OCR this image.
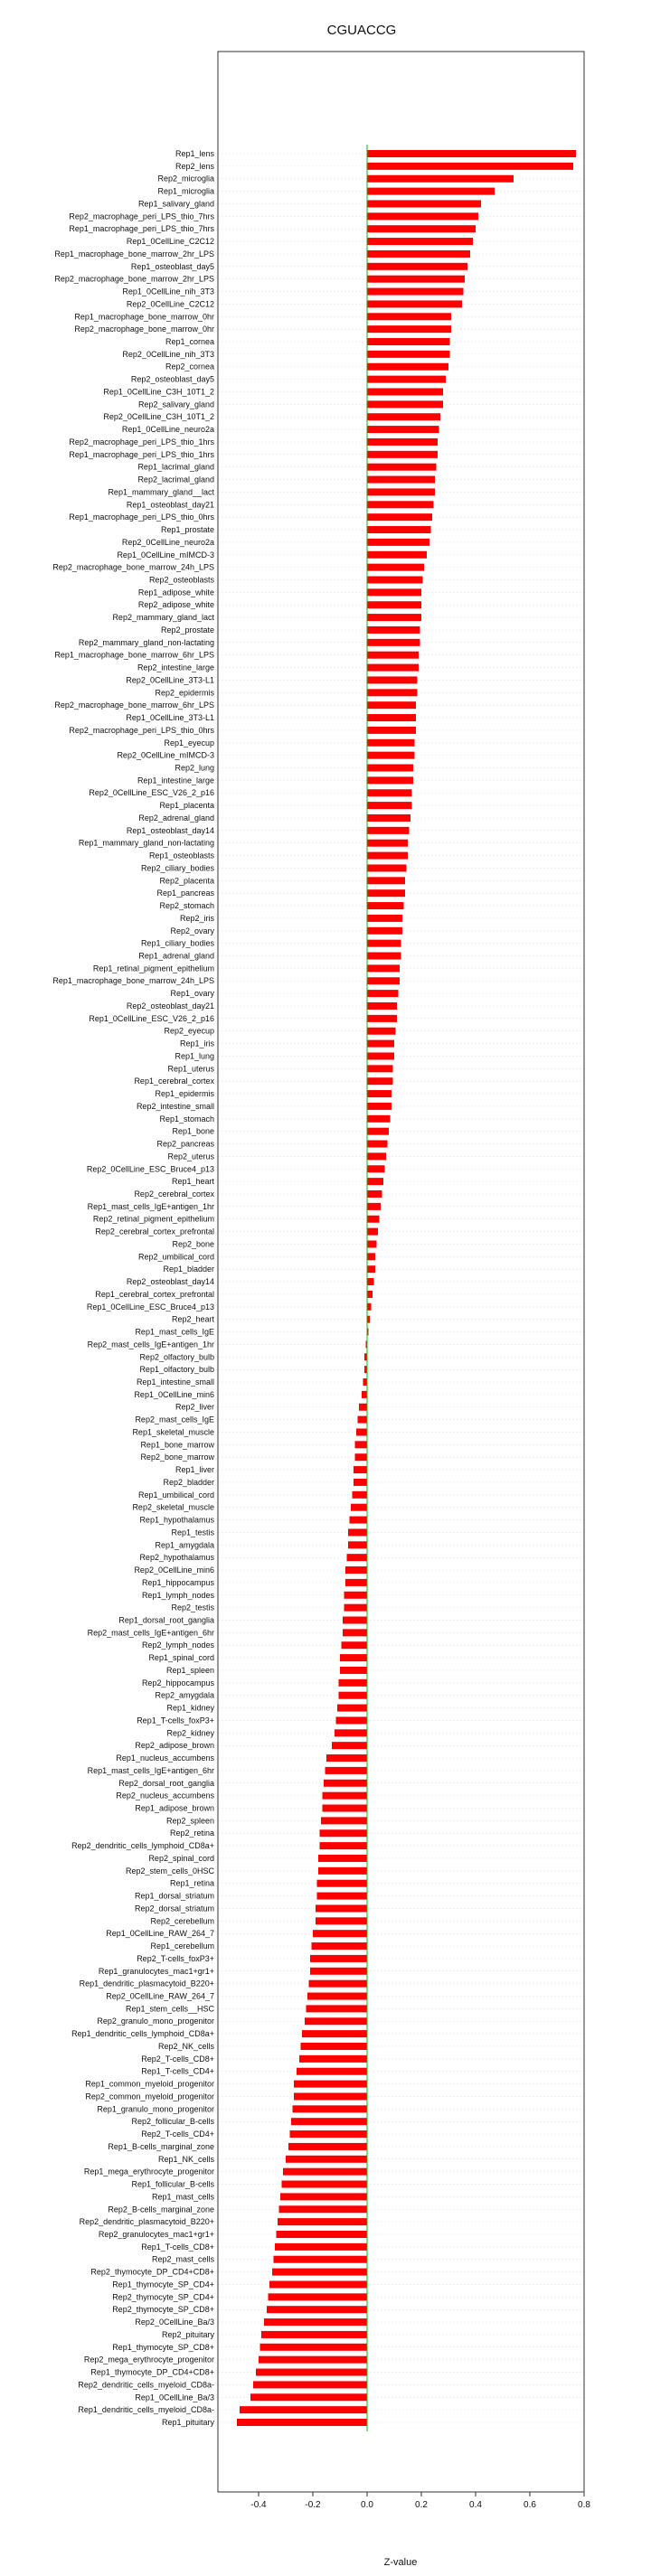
CGUACCG
Rep1_lens
Rep2_lens
Rep2_microglia
Rep1_microglia
Rep1_salivary_gland
Rep2_macrophage_peri_LPS_thio_7hrs
Rep1_macrophage_peri_LPS_thio_7hrs
Rep1_0CellLine_C2C12
Rep1_macrophage_bone_marrow_2hr_LPS
Rep1_osteoblast_day5
Rep2_macrophage_bone_marrow_2hr_LPS
Rep1_0CellLine_nih_3T3
Rep2_0CellLine_C2C12
Rep1_macrophage_bone_marrow_0hr
Rep2_macrophage_bone_marrow_0hr
Rep1_cornea
Rep2_0CellLine_nih_3T3
Rep2_cornea
Rep2_osteoblast_day5
Rep1_0CellLine_C3H_10T1_2
Rep2_salivary_gland
Rep2_0CellLine_C3H_10T1_2
Rep1_0CellLine_neuro2a
Rep2_macrophage_peri_LPS_thio_1hrs
Rep1_macrophage_peri_LPS_thio_1hrs
Rep1_lacrimal_gland
Rep2_lacrimal_gland
Rep1_mammary_gland__lact
Rep1_osteoblast_day21
Rep1_macrophage_peri_LPS_thio_0hrs
Rep1_prostate
Rep2_0CellLine_neuro2a
Rep1_0CellLine_mIMCD-3
Rep2_macrophage_bone_marrow_24h_LPS
Rep2_osteoblasts
Rep1_adipose_white
Rep2_adipose_white
Rep2_mammary_gland_lact
Rep2_prostate
Rep2_mammary_gland_non-lactating
Rep1_macrophage_bone_marrow_6hr_LPS
Rep2_intestine_large
Rep2_0CellLine_3T3-L1
Rep2_epidermis
Rep2_macrophage_bone_marrow_6hr_LPS
Rep1_0CellLine_3T3-L1
Rep2_macrophage_peri_LPS_thio_0hrs
Rep1_eyecup
Rep2_0CellLine_mIMCD-3
Rep2_lung
Rep1_intestine_large
Rep2_0CellLine_ESC_V26_2_p16
Rep1_placenta
Rep2_adrenal_gland
Rep1_osteoblast_day14
Rep1_mammary_gland_non-lactating
Rep1_osteoblasts
Rep2_ciliary_bodies
Rep2_placenta
Rep1_pancreas
Rep2_stomach
Rep2_iris
Rep2_ovary
Rep1_ciliary_bodies
Rep1_adrenal_gland
Rep1_retinal_pigment_epithelium
Rep1_macrophage_bone_marrow_24h_LPS
Rep1_ovary
Rep2_osteoblast_day21
Rep1_0CellLine_ESC_V26_2_p16
Rep2_eyecup
Rep1_iris
Rep1_lung
Rep1_uterus
Rep1_cerebral_cortex
Rep1_epidermis
Rep2_intestine_small
Rep1_stomach
Rep1_bone
Rep2_pancreas
Rep2_uterus
Rep2_0CellLine_ESC_Bruce4_p13
Rep1_heart
Rep2_cerebral_cortex
Rep1_mast_cells_IgE+antigen_1hr
Rep2_retinal_pigment_epithelium
Rep2_cerebral_cortex_prefrontal
Rep2_bone
Rep2_umbilical_cord
Rep1_bladder
Rep2_osteoblast_day14
Rep1_cerebral_cortex_prefrontal
Rep1_0CellLine_ESC_Bruce4_p13
Rep2_heart
Rep1_mast_cells_IgE
Rep2_mast_cells_IgE+antigen_1hr
Rep2_olfactory_bulb
Rep1_olfactory_bulb
Rep1_intestine_small
Rep1_0CellLine_min6
Rep2_liver
Rep2_mast_cells_IgE
Rep1_skeletal_muscle
Rep1_bone_marrow
Rep2_bone_marrow
Rep1_liver
Rep2_bladder
Rep1_umbilical_cord
Rep2_skeletal_muscle
Rep1_hypothalamus
Rep1_testis
Rep1_amygdala
Rep2_hypothalamus
Rep2_0CellLine_min6
Rep1_hippocampus
Rep1_lymph_nodes
Rep2_testis
Rep1_dorsal_root_ganglia
Rep2_mast_cells_IgE+antigen_6hr
Rep2_lymph_nodes
Rep1_spinal_cord
Rep1_spleen
Rep2_hippocampus
Rep2_amygdala
Rep1_kidney
Rep1_T-cells_foxP3+
Rep2_kidney
Rep2_adipose_brown
Rep1_nucleus_accumbens
Rep1_mast_cells_IgE+antigen_6hr
Rep2_dorsal_root_ganglia
Rep2_nucleus_accumbens
Rep1_adipose_brown
Rep2_spleen
Rep2_retina
Rep2_dendritic_cells_lymphoid_CD8a+
Rep2_spinal_cord
Rep2_stem_cells_0HSC
Rep1_retina
Rep1_dorsal_striatum
Rep2_dorsal_striatum
Rep2_cerebellum
Rep1_0CellLine_RAW_264_7
Rep1_cerebellum
Rep2_T-cells_foxP3+
Rep1_granulocytes_mac1+gr1+
Rep1_dendritic_plasmacytoid_B220+
Rep2_0CellLine_RAW_264_7
Rep1_stem_cells__HSC
Rep2_granulo_mono_progenitor
Rep1_dendritic_cells_lymphoid_CD8a+
Rep2_NK_cells
Rep2_T-cells_CD8+
Rep1_T-cells_CD4+
Rep1_common_myeloid_progenitor
Rep2_common_myeloid_progenitor
Rep1_granulo_mono_progenitor
Rep2_follicular_B-cells
Rep2_T-cells_CD4+
Rep1_B-cells_marginal_zone
Rep1_NK_cells
Rep1_mega_erythrocyte_progenitor
Rep1_follicular_B-cells
Rep1_mast_cells
Rep2_B-cells_marginal_zone
Rep2_dendritic_plasmacytoid_B220+
Rep2_granulocytes_mac1+gr1+
Rep1_T-cells_CD8+
Rep2_mast_cells
Rep2_thymocyte_DP_CD4+CD8+
Rep1_thymocyte_SP_CD4+
Rep2_thymocyte_SP_CD4+
Rep2_thymocyte_SP_CD8+
Rep2_0CellLine_Ba/3
Rep2_pituitary
Rep1_thymocyte_SP_CD8+
Rep2_mega_erythrocyte_progenitor
Rep1_thymocyte_DP_CD4+CD8+
Rep2_dendritic_cells_myeloid_CD8a-
Rep1_0CellLine_Ba/3
Rep1_dendritic_cells_myeloid_CD8a-
Rep1_pituitary
-0.4	-0.2	0.0	0.2	0.4	0.6	0.8
Z-value
